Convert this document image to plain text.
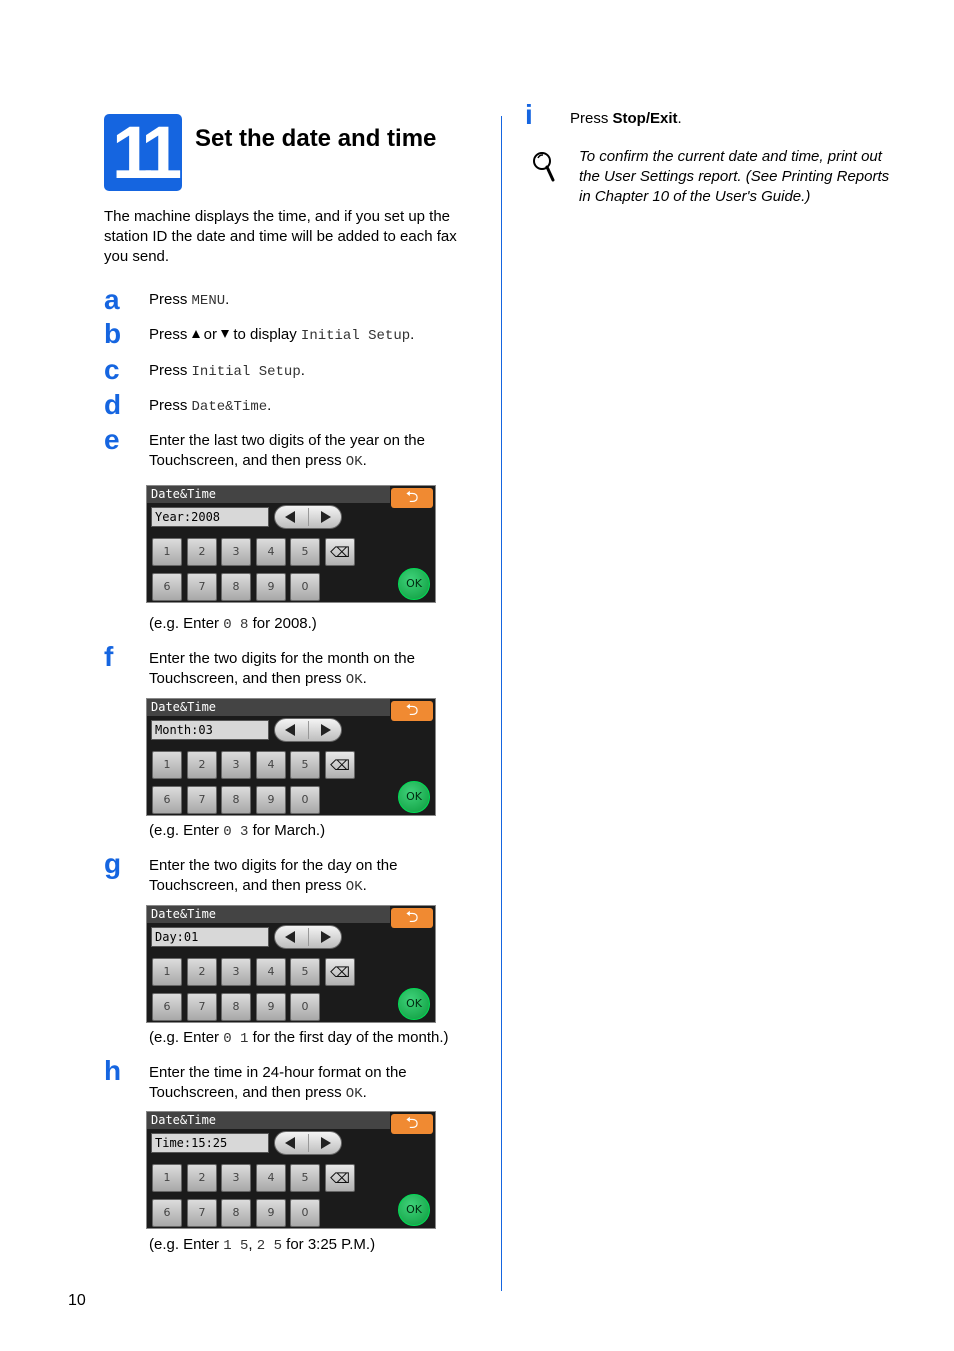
11 Set the date and time
The machine displays the time, and if you set up the station ID the date and time will be added to each fax you send.
a Press MENU.
b Press  or  to display Initial Setup.
c Press Initial Setup.
d Press Date&Time.
e Enter the last two digits of the year on the
Touchscreen, and then press OK.
Date&Time	⮌
Year:2008
1	2	3	4	5	⌫
6	7	8	9	0	OK
(e.g. Enter 0 8 for 2008.)
f Enter the two digits for the month on the
Touchscreen, and then press OK.
Date&Time	⮌
Month:03
1	2	3	4	5	⌫
6	7	8	9	0	OK
(e.g. Enter 0 3 for March.)
g Enter the two digits for the day on the
Touchscreen, and then press OK.
Date&Time	⮌
Day:01
1	2	3	4	5	⌫
6	7	8	9	0	OK
(e.g. Enter 0 1 for the first day of the month.)
h Enter the time in 24-hour format on the
Touchscreen, and then press OK.
Date&Time	⮌
Time:15:25
1	2	3	4	5	⌫
6	7	8	9	0	OK
(e.g. Enter 1 5, 2 5 for 3:25 P.M.)
i Press Stop/Exit.
To confirm the current date and time, print out the User Settings report. (See Printing Reports in Chapter 10 of the User's Guide.)
10
